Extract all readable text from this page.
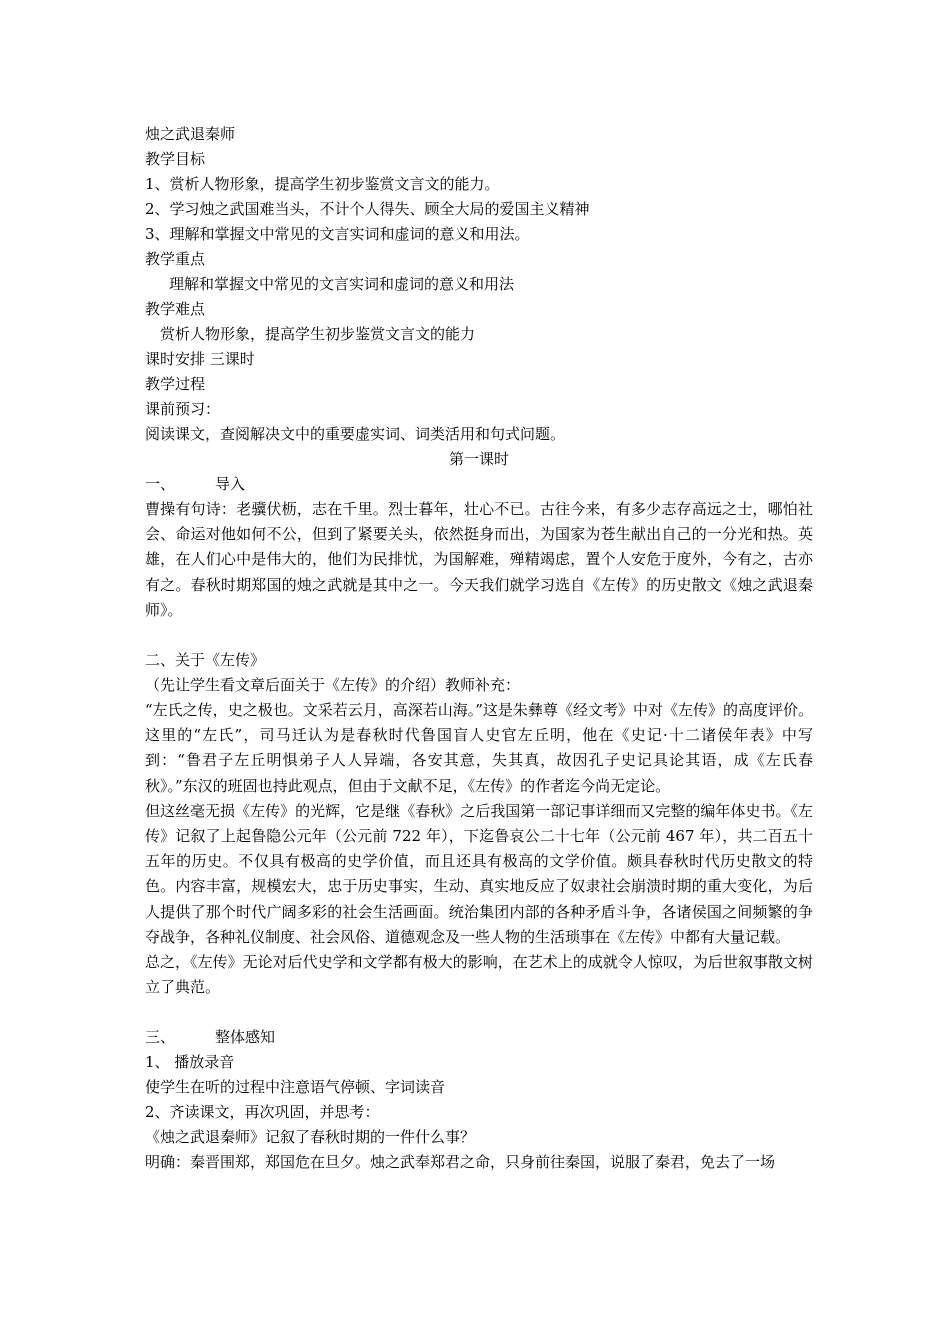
烛之武退秦师
教学目标
1、赏析人物形象，提高学生初步鉴赏文言文的能力。
2、学习烛之武国难当头，不计个人得失、顾全大局的爱国主义精神
3、理解和掌握文中常见的文言实词和虚词的意义和用法。
教学重点
理解和掌握文中常见的文言实词和虚词的意义和用法
教学难点
赏析人物形象，提高学生初步鉴赏文言文的能力
课时安排 三课时
教学过程
课前预习：
阅读课文，查阅解决文中的重要虚实词、词类活用和句式问题。
第一课时
一、	导入

曹操有句诗：老骥伏枥，志在千里。烈士暮年，壮心不已。古往今来，有多少志存高远之士，哪怕社会、命运对他如何不公，但到了紧要关头，依然挺身而出，为国家为苍生献出自己的一分光和热。英雄，在人们心中是伟大的，他们为民排忧，为国解难，殚精竭虑，置个人安危于度外，今有之，古亦有之。春秋时期郑国的烛之武就是其中之一。今天我们就学习选自《左传》的历史散文《烛之武退秦师》。

二、关于《左传》
（先让学生看文章后面关于《左传》的介绍）教师补充：

“左氏之传，史之极也。文采若云月，高深若山海。”这是朱彝尊《经文考》中对《左传》的高度评价。这里的“左氏”，司马迁认为是春秋时代鲁国盲人史官左丘明，他在《史记·十二诸侯年表》中写到：“鲁君子左丘明惧弟子人人异端，各安其意，失其真，故因孔子史记具论其语，成《左氏春秋》。”东汉的班固也持此观点，但由于文献不足，《左传》的作者迄今尚无定论。

但这丝毫无损《左传》的光辉，它是继《春秋》之后我国第一部记事详细而又完整的编年体史书。《左传》记叙了上起鲁隐公元年（公元前 722 年），下迄鲁哀公二十七年（公元前 467 年），共二百五十五年的历史。不仅具有极高的史学价值，而且还具有极高的文学价值。颇具春秋时代历史散文的特色。内容丰富，规模宏大，忠于历史事实，生动、真实地反应了奴隶社会崩溃时期的重大变化，为后人提供了那个时代广阔多彩的社会生活画面。统治集团内部的各种矛盾斗争，各诸侯国之间频繁的争夺战争，各种礼仪制度、社会风俗、道德观念及一些人物的生活琐事在《左传》中都有大量记载。

总之，《左传》无论对后代史学和文学都有极大的影响，在艺术上的成就令人惊叹，为后世叙事散文树立了典范。

三、	整体感知
1、 播放录音
使学生在听的过程中注意语气停顿、字词读音
2、齐读课文，再次巩固，并思考：
《烛之武退秦师》记叙了春秋时期的一件什么事？
明确：秦晋围郑，郑国危在旦夕。烛之武奉郑君之命，只身前往秦国，说服了秦君，免去了一场
